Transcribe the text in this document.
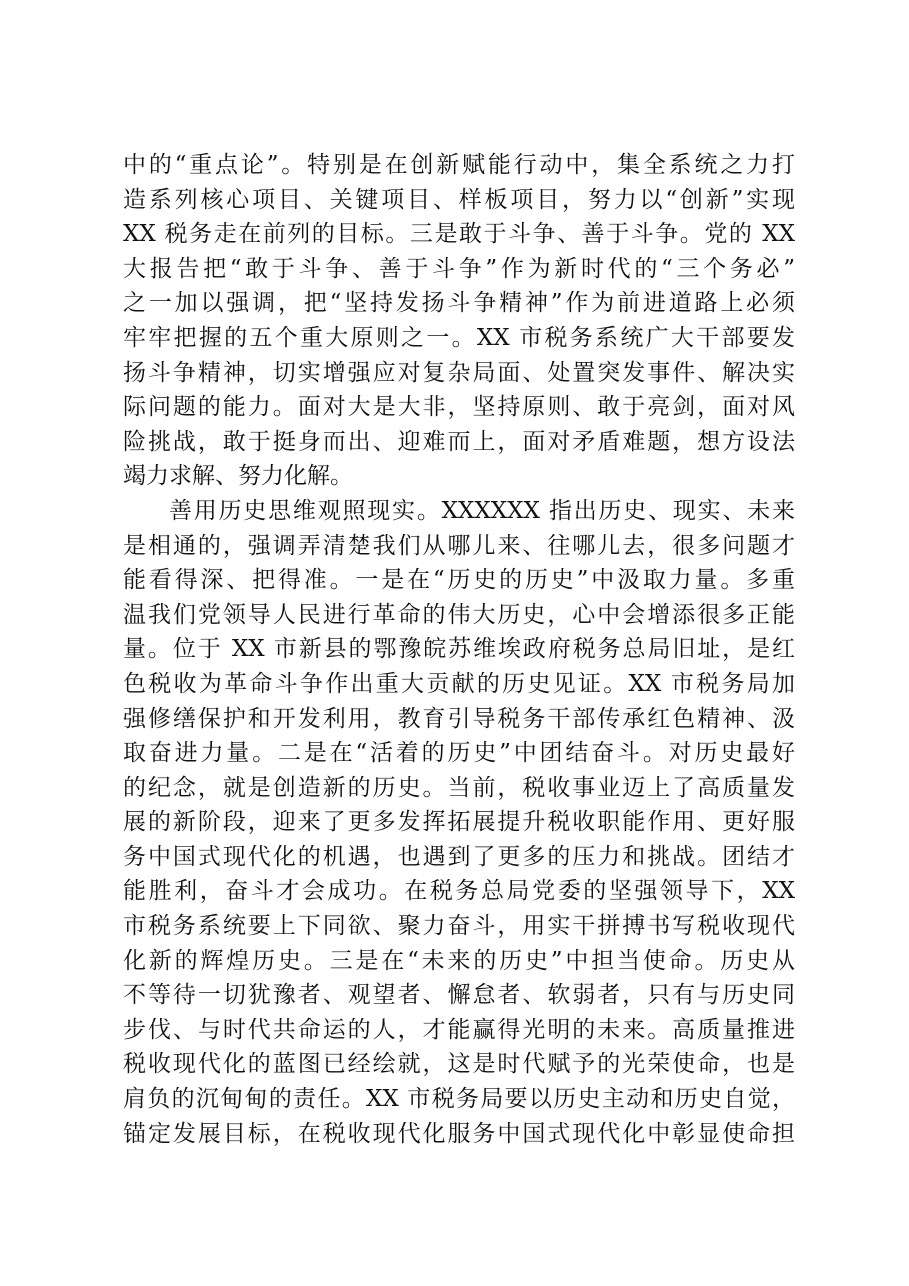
中的“重点论”。特别是在创新赋能行动中，集全系统之力打
造系列核心项目、关键项目、样板项目，努力以“创新”实现
XX 税务走在前列的目标。三是敢于斗争、善于斗争。党的 XX
大报告把“敢于斗争、善于斗争”作为新时代的“三个务必”
之一加以强调，把“坚持发扬斗争精神”作为前进道路上必须
牢牢把握的五个重大原则之一。XX 市税务系统广大干部要发
扬斗争精神，切实增强应对复杂局面、处置突发事件、解决实
际问题的能力。面对大是大非，坚持原则、敢于亮剑，面对风
险挑战，敢于挺身而出、迎难而上，面对矛盾难题，想方设法
竭力求解、努力化解。
善用历史思维观照现实。XXXXXX 指出历史、现实、未来
是相通的，强调弄清楚我们从哪儿来、往哪儿去，很多问题才
能看得深、把得准。一是在“历史的历史”中汲取力量。多重
温我们党领导人民进行革命的伟大历史，心中会增添很多正能
量。位于 XX 市新县的鄂豫皖苏维埃政府税务总局旧址，是红
色税收为革命斗争作出重大贡献的历史见证。XX 市税务局加
强修缮保护和开发利用，教育引导税务干部传承红色精神、汲
取奋进力量。二是在“活着的历史”中团结奋斗。对历史最好
的纪念，就是创造新的历史。当前，税收事业迈上了高质量发
展的新阶段，迎来了更多发挥拓展提升税收职能作用、更好服
务中国式现代化的机遇，也遇到了更多的压力和挑战。团结才
能胜利，奋斗才会成功。在税务总局党委的坚强领导下，XX
市税务系统要上下同欲、聚力奋斗，用实干拼搏书写税收现代
化新的辉煌历史。三是在“未来的历史”中担当使命。历史从
不等待一切犹豫者、观望者、懈怠者、软弱者，只有与历史同
步伐、与时代共命运的人，才能赢得光明的未来。高质量推进
税收现代化的蓝图已经绘就，这是时代赋予的光荣使命，也是
肩负的沉甸甸的责任。XX 市税务局要以历史主动和历史自觉，
锚定发展目标，在税收现代化服务中国式现代化中彰显使命担
